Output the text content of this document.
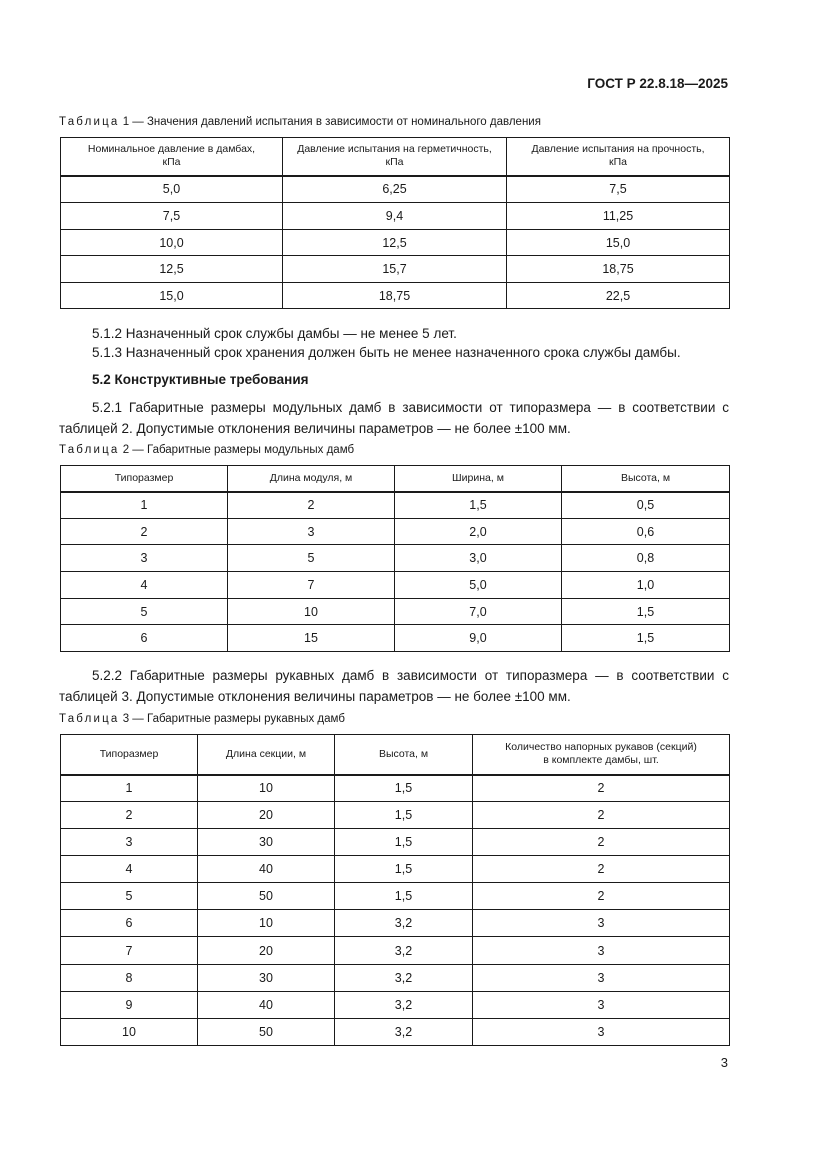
ГОСТ Р 22.8.18—2025
Таблица 1 — Значения давлений испытания в зависимости от номинального давления
Номинальное давление в дамбах,
кПа	Давление испытания на герметичность,
кПа	Давление испытания на прочность,
кПа
5,0	6,25	7,5
7,5	9,4	11,25
10,0	12,5	15,0
12,5	15,7	18,75
15,0	18,75	22,5
5.1.2 Назначенный срок службы дамбы — не менее 5 лет.
5.1.3 Назначенный срок хранения должен быть не менее назначенного срока службы дамбы.
5.2 Конструктивные требования
5.2.1 Габаритные размеры модульных дамб в зависимости от типоразмера — в соответствии с таблицей 2. Допустимые отклонения величины параметров — не более ±100 мм.
Таблица 2 — Габаритные размеры модульных дамб
Типоразмер	Длина модуля, м	Ширина, м	Высота, м
1	2	1,5	0,5
2	3	2,0	0,6
3	5	3,0	0,8
4	7	5,0	1,0
5	10	7,0	1,5
6	15	9,0	1,5
5.2.2 Габаритные размеры рукавных дамб в зависимости от типоразмера — в соответствии с таблицей 3. Допустимые отклонения величины параметров — не более ±100 мм.
Таблица 3 — Габаритные размеры рукавных дамб
Типоразмер	Длина секции, м	Высота, м	Количество напорных рукавов (секций)
в комплекте дамбы, шт.
1	10	1,5	2
2	20	1,5	2
3	30	1,5	2
4	40	1,5	2
5	50	1,5	2
6	10	3,2	3
7	20	3,2	3
8	30	3,2	3
9	40	3,2	3
10	50	3,2	3
3
